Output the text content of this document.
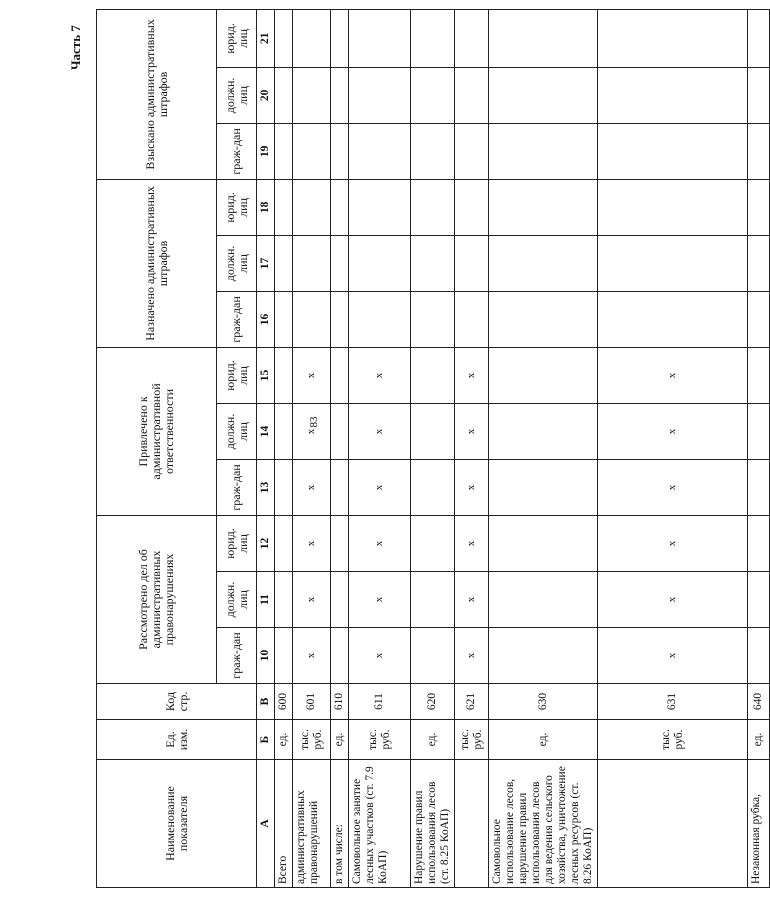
Часть 7
83
Наименование показателя	Ед. изм.	Код стр.	Рассмотрено дел об административных правонарушениях			Привлечено к административной ответственности			Назначено административных штрафов			Взыскано административных штрафов		
			граж-дан	должн. лиц	юрид. лиц	граж-дан	должн. лиц	юрид. лиц	граж-дан	должн. лиц	юрид. лиц	граж-дан	должн. лиц	юрид. лиц
А	Б	В	10	11	12	13	14	15	16	17	18	19	20	21
Всего	ед.	600												
административных правонарушений	тыс. руб.	601	x	x	x	x	x	x						
в том числе:	ед.	610												
Самовольное занятие лесных участков (ст. 7.9 КоАП)	тыс. руб.	611	x	x	x	x	x	x						
Нарушение правил использования лесов (ст. 8.25 КоАП)	ед.	620												
	тыс. руб.	621	x	x	x	x	x	x						
Самовольное использование лесов, нарушение правил использования лесов для ведения сельского хозяйства, уничтожение лесных ресурсов (ст. 8.26 КоАП)	ед.	630												
	тыс. руб.	631	x	x	x	x	x	x						
Незаконная рубка,	ед.	640												
